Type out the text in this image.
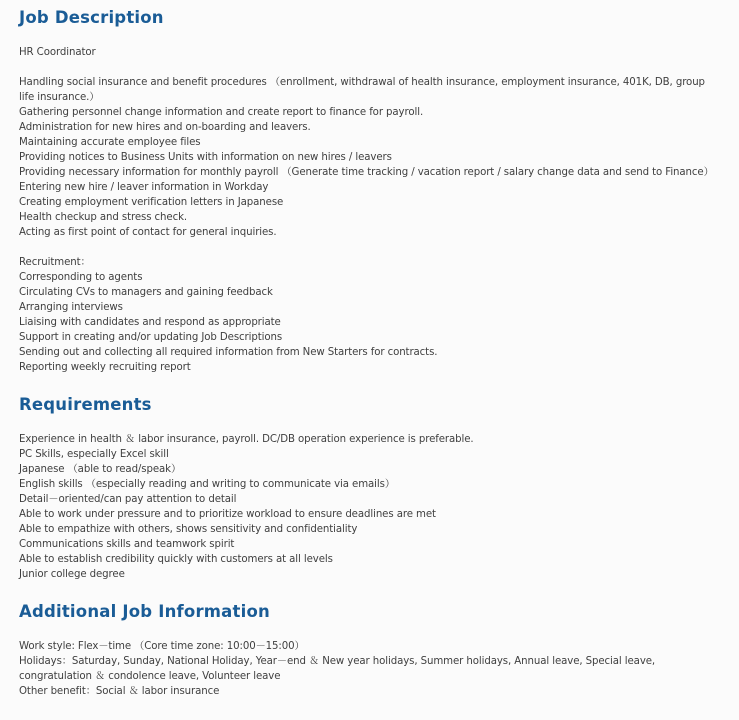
Job Description
HR Coordinator
Handling social insurance and benefit procedures （enrollment, withdrawal of health insurance, employment insurance, 401K, DB, group life insurance.）
Gathering personnel change information and create report to finance for payroll.
Administration for new hires and on-boarding and leavers.
Maintaining accurate employee files
Providing notices to Business Units with information on new hires / leavers
Providing necessary information for monthly payroll （Generate time tracking / vacation report / salary change data and send to Finance）
Entering new hire / leaver information in Workday
Creating employment verification letters in Japanese
Health checkup and stress check.
Acting as first point of contact for general inquiries.
Recruitment：
Corresponding to agents
Circulating CVs to managers and gaining feedback
Arranging interviews
Liaising with candidates and respond as appropriate
Support in creating and/or updating Job Descriptions
Sending out and collecting all required information from New Starters for contracts.
Reporting weekly recruiting report
Requirements
Experience in health ＆ labor insurance, payroll. DC/DB operation experience is preferable.
PC Skills, especially Excel skill
Japanese （able to read/speak）
English skills （especially reading and writing to communicate via emails）
Detail－oriented/can pay attention to detail
Able to work under pressure and to prioritize workload to ensure deadlines are met
Able to empathize with others, shows sensitivity and confidentiality
Communications skills and teamwork spirit
Able to establish credibility quickly with customers at all levels
Junior college degree
Additional Job Information
Work style: Flex－time （Core time zone: 10:00－15:00）
Holidays：Saturday, Sunday, National Holiday, Year－end ＆ New year holidays, Summer holidays, Annual leave, Special leave, congratulation ＆ condolence leave, Volunteer leave
Other benefit：Social ＆ labor insurance
